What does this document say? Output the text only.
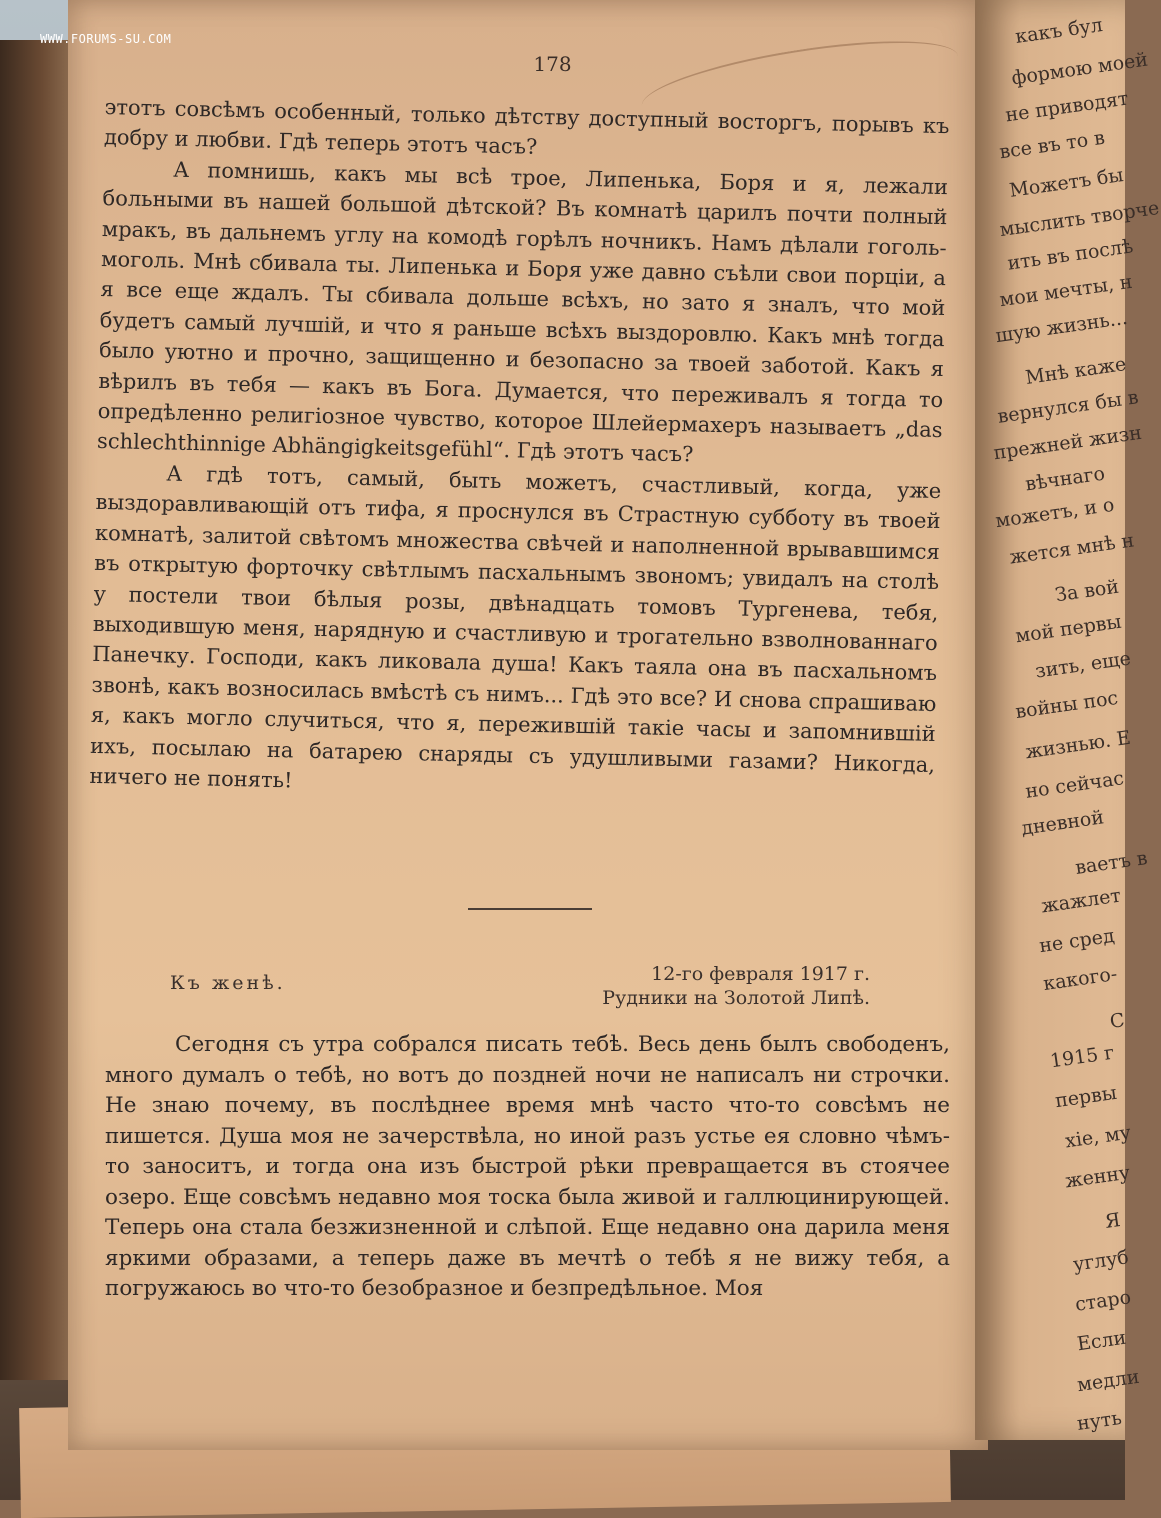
WWW.FORUMS-SU.COM
178

этотъ совсѣмъ особенный, только дѣтству доступный восторгъ, порывъ къ добру и любви. Гдѣ теперь этотъ часъ?

А помнишь, какъ мы всѣ трое, Липенька, Боря и я, лежали больными въ нашей большой дѣтской? Въ комнатѣ царилъ почти полный мракъ, въ дальнемъ углу на комодѣ горѣлъ ночникъ. Намъ дѣлали гоголь-моголь. Мнѣ сбивала ты. Липенька и Боря уже давно съѣли свои порціи, а я все еще ждалъ. Ты сбивала дольше всѣхъ, но зато я зналъ, что мой будетъ самый лучшій, и что я раньше всѣхъ выздоровлю. Какъ мнѣ тогда было уютно и прочно, защищенно и безопасно за твоей заботой. Какъ я вѣрилъ въ тебя — какъ въ Бога. Думается, что переживалъ я тогда то опредѣленно религіозное чувство, которое Шлейермахеръ называетъ „das schlechthinnige Abhängigkeitsgefühl“. Гдѣ этотъ часъ?

А гдѣ тотъ, самый, быть можетъ, счастливый, когда, уже выздоравливающій отъ тифа, я проснулся въ Страстную субботу въ твоей комнатѣ, залитой свѣтомъ множества свѣчей и наполненной врывавшимся въ открытую форточку свѣтлымъ пасхальнымъ звономъ; увидалъ на столѣ у постели твои бѣлыя розы, двѣнадцать томовъ Тургенева, тебя, выходившую меня, нарядную и счастливую и трогательно взволнованнаго Панечку. Господи, какъ ликовала душа! Какъ таяла она въ пасхальномъ звонѣ, какъ возносилась вмѣстѣ съ нимъ... Гдѣ это все? И снова спрашиваю я, какъ могло случиться, что я, пережившій такіе часы и запомнившій ихъ, посылаю на батарею снаряды съ удушливыми газами? Никогда, ничего не понять!

Къ женѣ.	12-го февраля 1917 г.
Рудники на Золотой Липѣ.

Сегодня съ утра собрался писать тебѣ. Весь день былъ свободенъ, много думалъ о тебѣ, но вотъ до поздней ночи не написалъ ни строчки. Не знаю почему, въ послѣднее время мнѣ часто что-то совсѣмъ не пишется. Душа моя не зачерствѣла, но иной разъ устье ея словно чѣмъ-то заноситъ, и тогда она изъ быстрой рѣки превращается въ стоячее озеро. Еще совсѣмъ недавно моя тоска была живой и галлюцинирующей. Теперь она стала безжизненной и слѣпой. Еще недавно она дарила меня яркими образами, а теперь даже въ мечтѣ о тебѣ я не вижу тебя, а погружаюсь во что-то безобразное и безпредѣльное. Моя

какъ бул
формою моей
не приводят
все въ то в
Можетъ бы
мыслить творче
ить въ послѣ
мои мечты, н
шую жизнь...
Мнѣ каже
вернулся бы в
прежней жизн
вѣчнаго
можетъ, и о
жется мнѣ н
За вой
мой первы
зить, еще
войны пос
жизнью. Е
но сейчас
дневной
ваетъ в
жажлет
не сред
какого-
С
1915 г
первы
хіе, му
женну
Я
углуб
старо
Если
медли
нуть
